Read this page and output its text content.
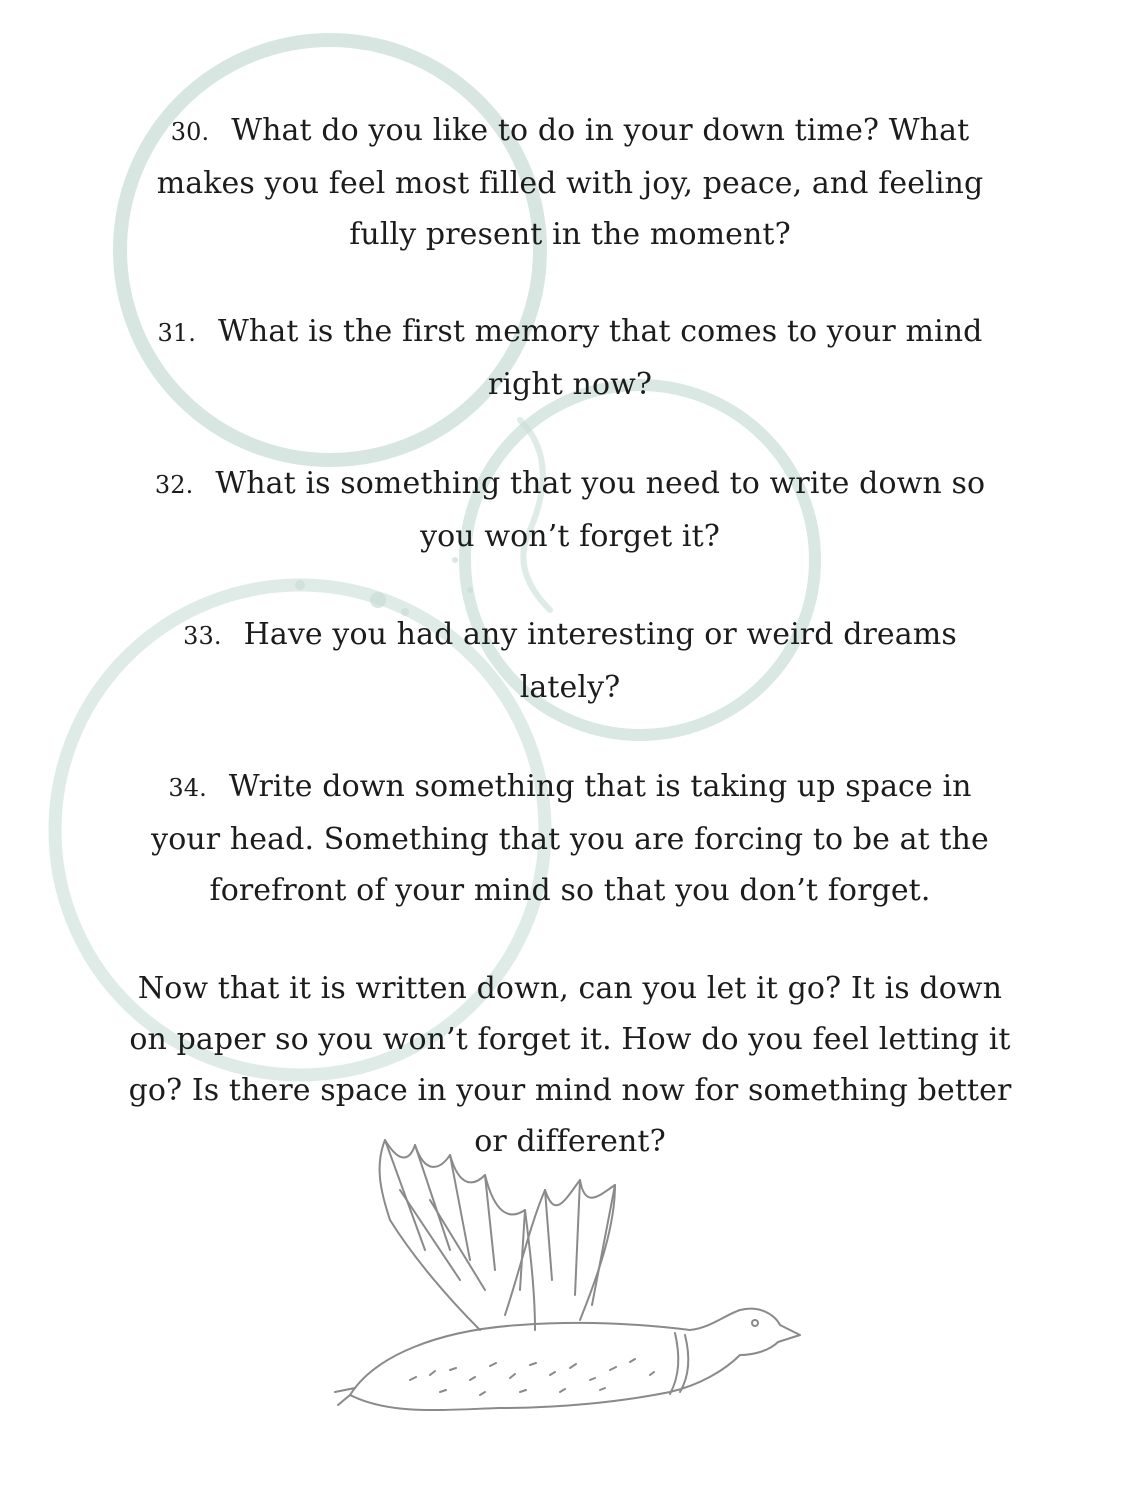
30. What do you like to do in your down time? What
makes you feel most filled with joy, peace, and feeling
fully present in the moment?
31. What is the first memory that comes to your mind
right now?
32. What is something that you need to write down so
you won’t forget it?
33. Have you had any interesting or weird dreams
lately?
34. Write down something that is taking up space in
your head. Something that you are forcing to be at the
forefront of your mind so that you don’t forget.
Now that it is written down, can you let it go? It is down
on paper so you won’t forget it. How do you feel letting it
go? Is there space in your mind now for something better
or different?
